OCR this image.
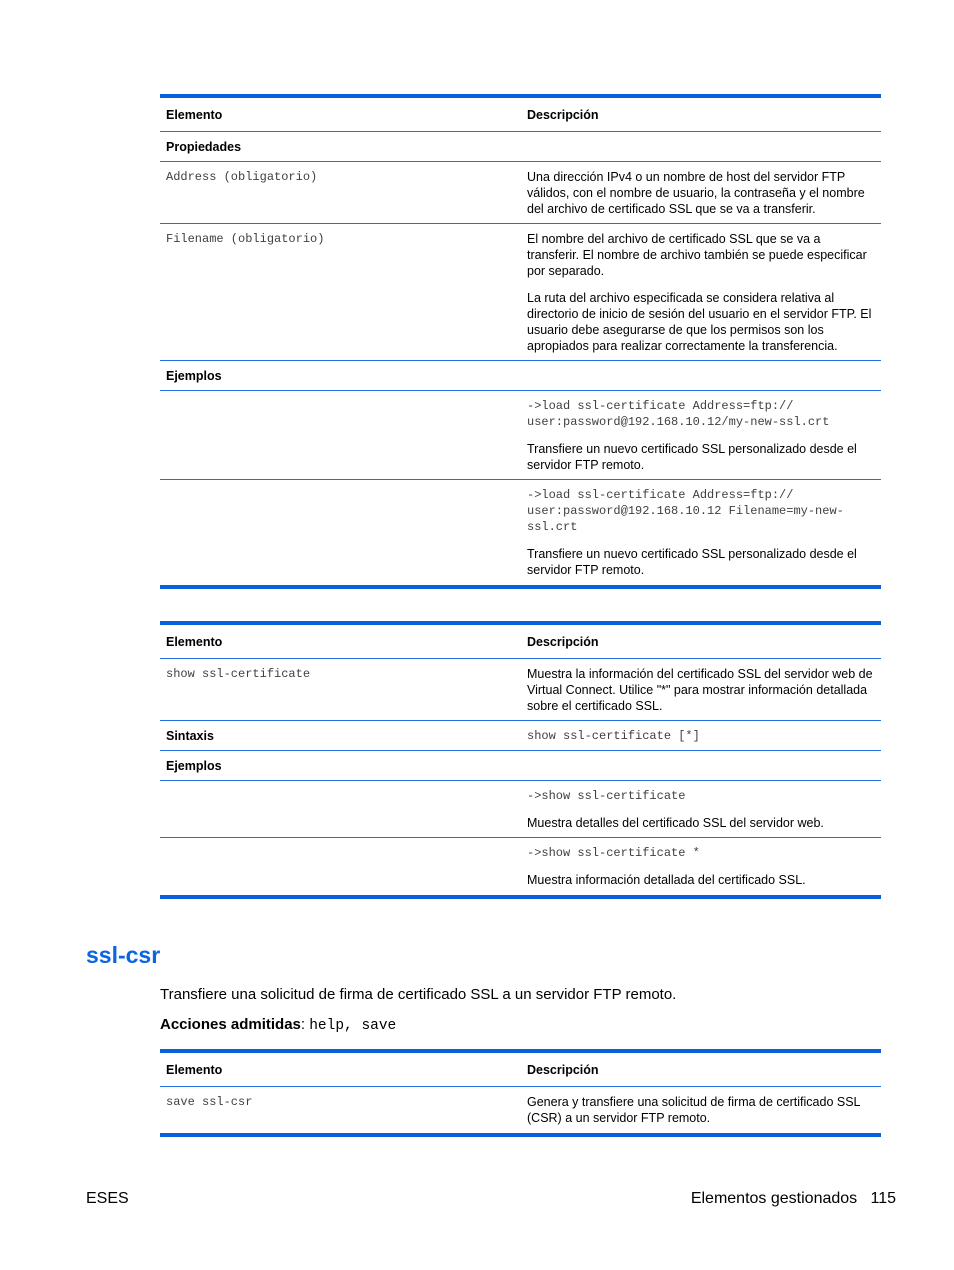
Elemento	Descripción
Propiedades	
Address (obligatorio)	Una dirección IPv4 o un nombre de host del servidor FTP válidos, con el nombre de usuario, la contraseña y el nombre del archivo de certificado SSL que se va a transferir.
Filename (obligatorio)	El nombre del archivo de certificado SSL que se va a transferir. El nombre de archivo también se puede especificar por separado.

La ruta del archivo especificada se considera relativa al directorio de inicio de sesión del usuario en el servidor FTP. El usuario debe asegurarse de que los permisos son los apropiados para realizar correctamente la transferencia.

Ejemplos	

	->load ssl-certificate Address=ftp://
user:password@192.168.10.12/my-new-ssl.crt

Transfiere un nuevo certificado SSL personalizado desde el servidor FTP remoto.

	->load ssl-certificate Address=ftp://
user:password@192.168.10.12 Filename=my-new-
ssl.crt

Transfiere un nuevo certificado SSL personalizado desde el servidor FTP remoto.

Elemento	Descripción
show ssl-certificate	Muestra la información del certificado SSL del servidor web de Virtual Connect. Utilice "*" para mostrar información detallada sobre el certificado SSL.
Sintaxis	show ssl-certificate [*]
Ejemplos	

	->show ssl-certificate

Muestra detalles del certificado SSL del servidor web.

	->show ssl-certificate *

Muestra información detallada del certificado SSL.

ssl-csr

Transfiere una solicitud de firma de certificado SSL a un servidor FTP remoto.

Acciones admitidas: help, save

Elemento	Descripción
save ssl-csr	Genera y transfiere una solicitud de firma de certificado SSL (CSR) a un servidor FTP remoto.

ESES	Elementos gestionados   115
